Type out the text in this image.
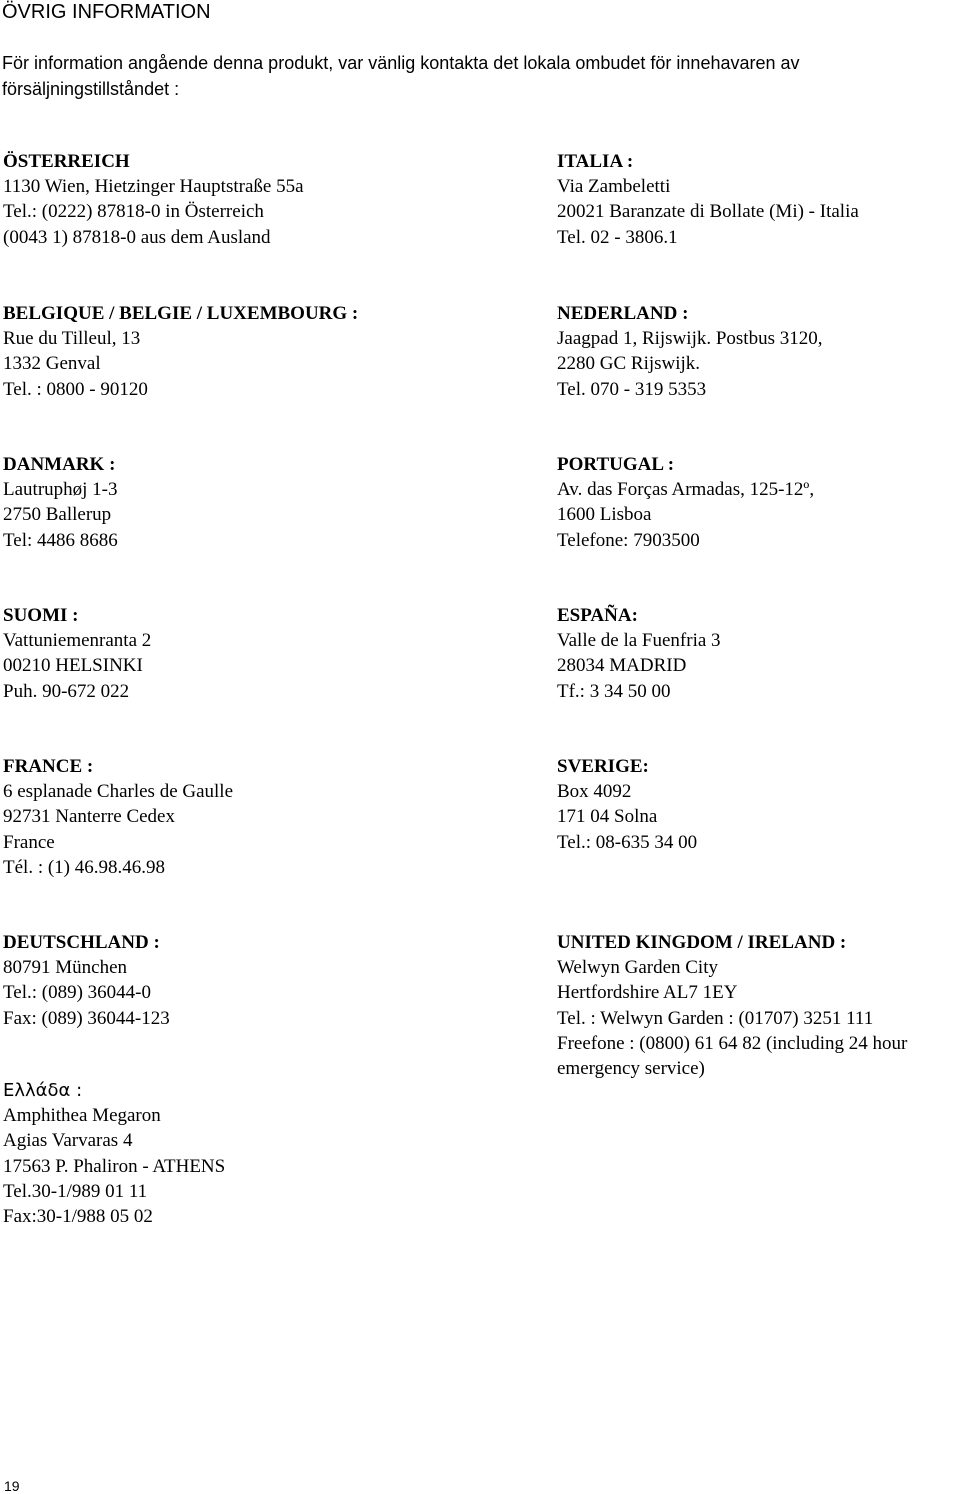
ÖVRIG INFORMATION
För information angående denna produkt, var vänlig kontakta det lokala ombudet för innehavaren av försäljningstillståndet :
ÖSTERREICH
1130 Wien, Hietzinger Hauptstraße 55a
Tel.: (0222) 87818-0 in Österreich
(0043 1) 87818-0 aus dem Ausland
ITALIA :
Via Zambeletti
20021 Baranzate di Bollate (Mi) - Italia
Tel. 02 - 3806.1
BELGIQUE / BELGIE / LUXEMBOURG :
Rue du Tilleul, 13
1332 Genval
Tel. : 0800 - 90120
NEDERLAND :
Jaagpad 1, Rijswijk. Postbus 3120,
2280 GC Rijswijk.
Tel. 070 - 319 5353
DANMARK :
Lautruphøj 1-3
2750 Ballerup
Tel: 4486 8686
PORTUGAL :
Av. das Forças Armadas, 125-12º,
1600 Lisboa
Telefone: 7903500
SUOMI :
Vattuniemenranta 2
00210 HELSINKI
Puh. 90-672 022
ESPAÑA:
Valle de la Fuenfria 3
28034 MADRID
Tf.: 3 34 50 00
FRANCE :
6 esplanade Charles de Gaulle
92731 Nanterre Cedex
France
Tél. : (1) 46.98.46.98
SVERIGE:
Box 4092
171 04 Solna
Tel.: 08-635 34 00
DEUTSCHLAND :
80791 München
Tel.: (089) 36044-0
Fax: (089) 36044-123
Ελλάδα :
Amphithea Megaron
Agias Varvaras 4
17563 P. Phaliron - ATHENS
Tel.30-1/989 01 11
Fax:30-1/988 05 02
UNITED KINGDOM / IRELAND :
Welwyn Garden City
Hertfordshire AL7 1EY
Tel. : Welwyn Garden : (01707) 3251 111
Freefone : (0800) 61 64 82 (including 24 hour emergency service)
19
